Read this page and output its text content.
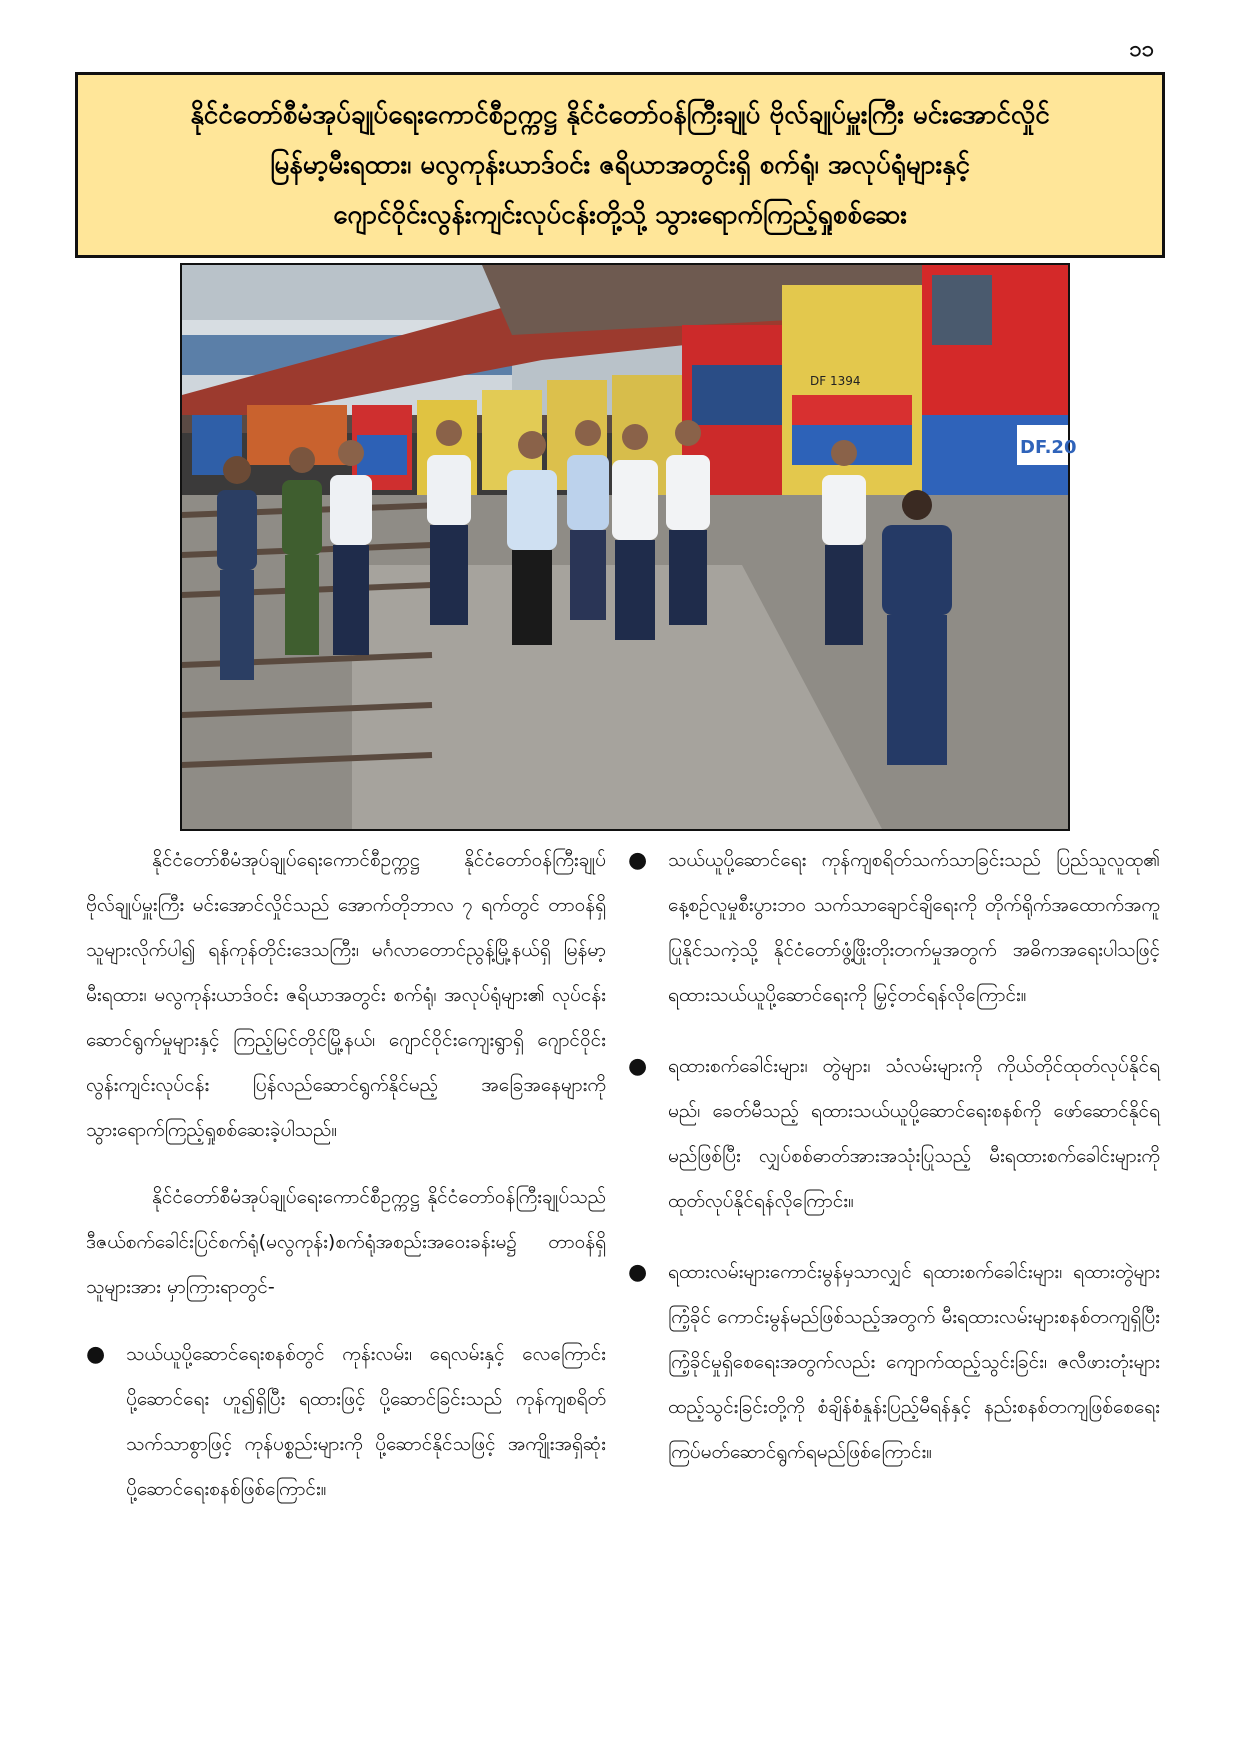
၁၁
နိုင်ငံတော်စီမံအုပ်ချုပ်ရေးကောင်စီဥက္ကဋ္ဌ နိုင်ငံတော်ဝန်ကြီးချုပ် ဗိုလ်ချုပ်မှူးကြီး မင်းအောင်လှိုင်
မြန်မာ့မီးရထား၊ မလွကုန်းယာဒ်ဝင်း ဇရိယာအတွင်းရှိ စက်ရုံ၊ အလုပ်ရုံများနှင့်
ဂျောင်ဝိုင်းလွန်းကျင်းလုပ်ငန်းတို့သို့ သွားရောက်ကြည့်ရှုစစ်ဆေး
DF 1394
DF.20

နိုင်ငံတော်စီမံအုပ်ချုပ်ရေးကောင်စီဥက္ကဋ္ဌ နိုင်ငံတော်ဝန်ကြီးချုပ် ဗိုလ်ချုပ်မှူးကြီး မင်းအောင်လှိုင်သည် အောက်တိုဘာလ ၇ ရက်တွင် တာဝန်ရှိသူများလိုက်ပါ၍ ရန်ကုန်တိုင်းဒေသကြီး၊ မင်္ဂလာတောင်ညွန့်မြို့နယ်ရှိ မြန်မာ့မီးရထား၊ မလွကုန်းယာဒ်ဝင်း ဇရိယာအတွင်း စက်ရုံ၊ အလုပ်ရုံများ၏ လုပ်ငန်းဆောင်ရွက်မှုများနှင့် ကြည့်မြင်တိုင်မြို့နယ်၊ ဂျောင်ဝိုင်းကျေးရွာရှိ ဂျောင်ဝိုင်းလွန်းကျင်းလုပ်ငန်း ပြန်လည်ဆောင်ရွက်နိုင်မည့် အခြေအနေများကို သွားရောက်ကြည့်ရှုစစ်ဆေးခဲ့ပါသည်။

နိုင်ငံတော်စီမံအုပ်ချုပ်ရေးကောင်စီဥက္ကဋ္ဌ နိုင်ငံတော်ဝန်ကြီးချုပ်သည် ဒီဇယ်စက်ခေါင်းပြင်စက်ရုံ(မလွကုန်း)စက်ရုံအစည်းအဝေးခန်းမ၌ တာဝန်ရှိသူများအား မှာကြားရာတွင်-

● သယ်ယူပို့ဆောင်ရေးစနစ်တွင် ကုန်းလမ်း၊ ရေလမ်းနှင့် လေကြောင်းပို့ဆောင်ရေး ဟူ၍ရှိပြီး ရထားဖြင့် ပို့ဆောင်ခြင်းသည် ကုန်ကျစရိတ်သက်သာစွာဖြင့် ကုန်ပစ္စည်းများကို ပို့ဆောင်နိုင်သဖြင့် အကျိုးအရှိဆုံး ပို့ဆောင်ရေးစနစ်ဖြစ်ကြောင်း။
● သယ်ယူပို့ဆောင်ရေး ကုန်ကျစရိတ်သက်သာခြင်းသည် ပြည်သူလူထု၏ နေ့စဉ်လူမှုစီးပွားဘဝ သက်သာချောင်ချိရေးကို တိုက်ရိုက်အထောက်အကူပြုနိုင်သကဲ့သို့ နိုင်ငံတော်ဖွံ့ဖြိုးတိုးတက်မှုအတွက် အဓိကအရေးပါသဖြင့် ရထားသယ်ယူပို့ဆောင်ရေးကို မြှင့်တင်ရန်လိုကြောင်း။
● ရထားစက်ခေါင်းများ၊ တွဲများ၊ သံလမ်းများကို ကိုယ်တိုင်ထုတ်လုပ်နိုင်ရမည်၊ ခေတ်မီသည့် ရထားသယ်ယူပို့ဆောင်ရေးစနစ်ကို ဖော်ဆောင်နိုင်ရမည်ဖြစ်ပြီး လျှပ်စစ်ဓာတ်အားအသုံးပြုသည့် မီးရထားစက်ခေါင်းများကို ထုတ်လုပ်နိုင်ရန်လိုကြောင်း။
● ရထားလမ်းများကောင်းမွန်မှသာလျှင် ရထားစက်ခေါင်းများ၊ ရထားတွဲများကြံ့ခိုင် ကောင်းမွန်မည်ဖြစ်သည့်အတွက် မီးရထားလမ်းများစနစ်တကျရှိပြီး ကြံ့ခိုင်မှုရှိစေရေးအတွက်လည်း ကျောက်ထည့်သွင်းခြင်း၊ ဇလီဖားတုံးများထည့်သွင်းခြင်းတို့ကို စံချိန်စံနှုန်းပြည့်မီရန်နှင့် နည်းစနစ်တကျဖြစ်စေရေး ကြပ်မတ်ဆောင်ရွက်ရမည်ဖြစ်ကြောင်း။
